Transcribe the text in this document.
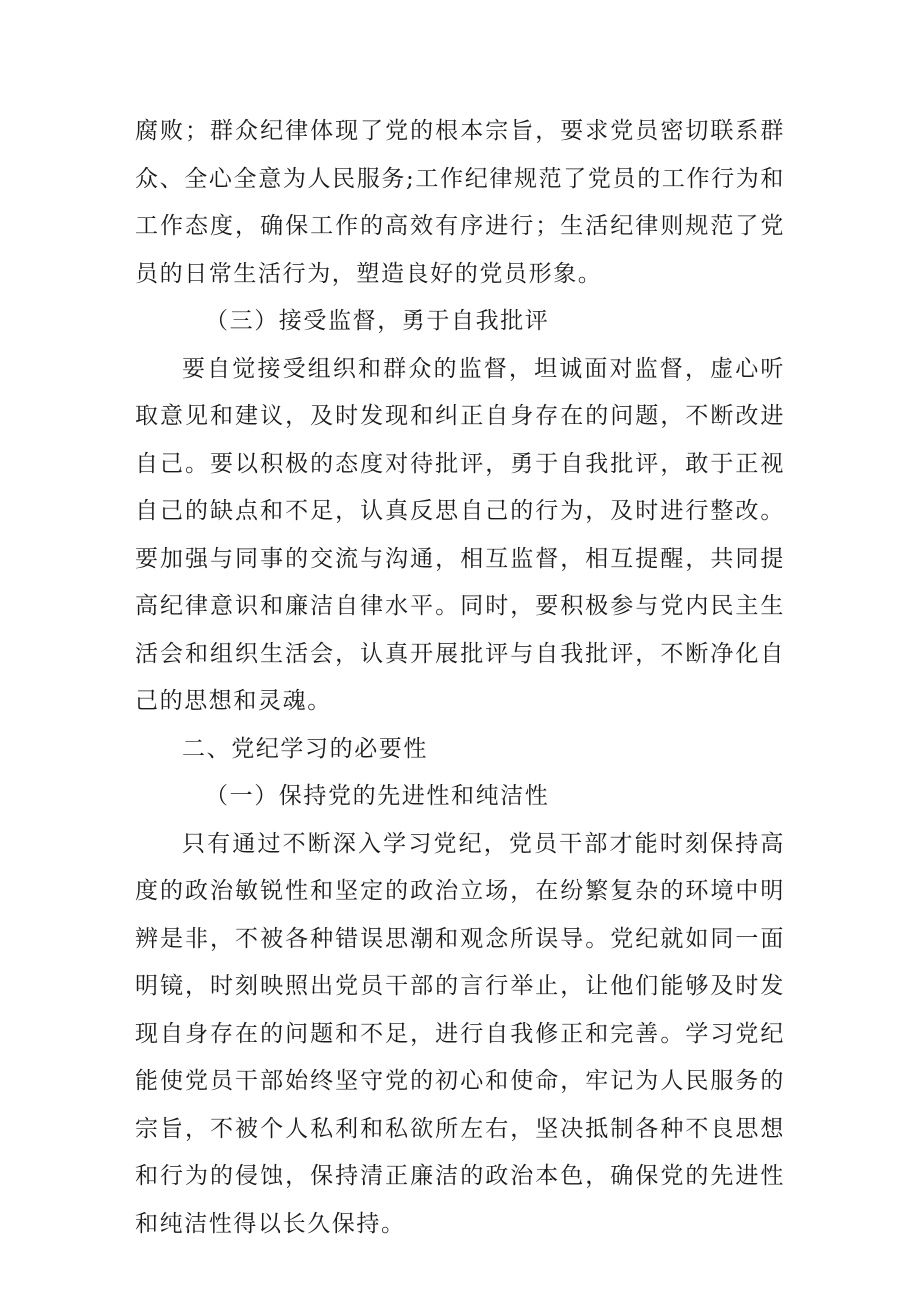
腐败；群众纪律体现了党的根本宗旨，要求党员密切联系群众、全心全意为人民服务;工作纪律规范了党员的工作行为和工作态度，确保工作的高效有序进行；生活纪律则规范了党员的日常生活行为，塑造良好的党员形象。

（三）接受监督，勇于自我批评

要自觉接受组织和群众的监督，坦诚面对监督，虚心听取意见和建议，及时发现和纠正自身存在的问题，不断改进自己。要以积极的态度对待批评，勇于自我批评，敢于正视自己的缺点和不足，认真反思自己的行为，及时进行整改。要加强与同事的交流与沟通，相互监督，相互提醒，共同提高纪律意识和廉洁自律水平。同时，要积极参与党内民主生活会和组织生活会，认真开展批评与自我批评，不断净化自己的思想和灵魂。

二、党纪学习的必要性

（一）保持党的先进性和纯洁性

只有通过不断深入学习党纪，党员干部才能时刻保持高度的政治敏锐性和坚定的政治立场，在纷繁复杂的环境中明辨是非，不被各种错误思潮和观念所误导。党纪就如同一面明镜，时刻映照出党员干部的言行举止，让他们能够及时发现自身存在的问题和不足，进行自我修正和完善。学习党纪能使党员干部始终坚守党的初心和使命，牢记为人民服务的宗旨，不被个人私利和私欲所左右，坚决抵制各种不良思想和行为的侵蚀，保持清正廉洁的政治本色，确保党的先进性和纯洁性得以长久保持。
